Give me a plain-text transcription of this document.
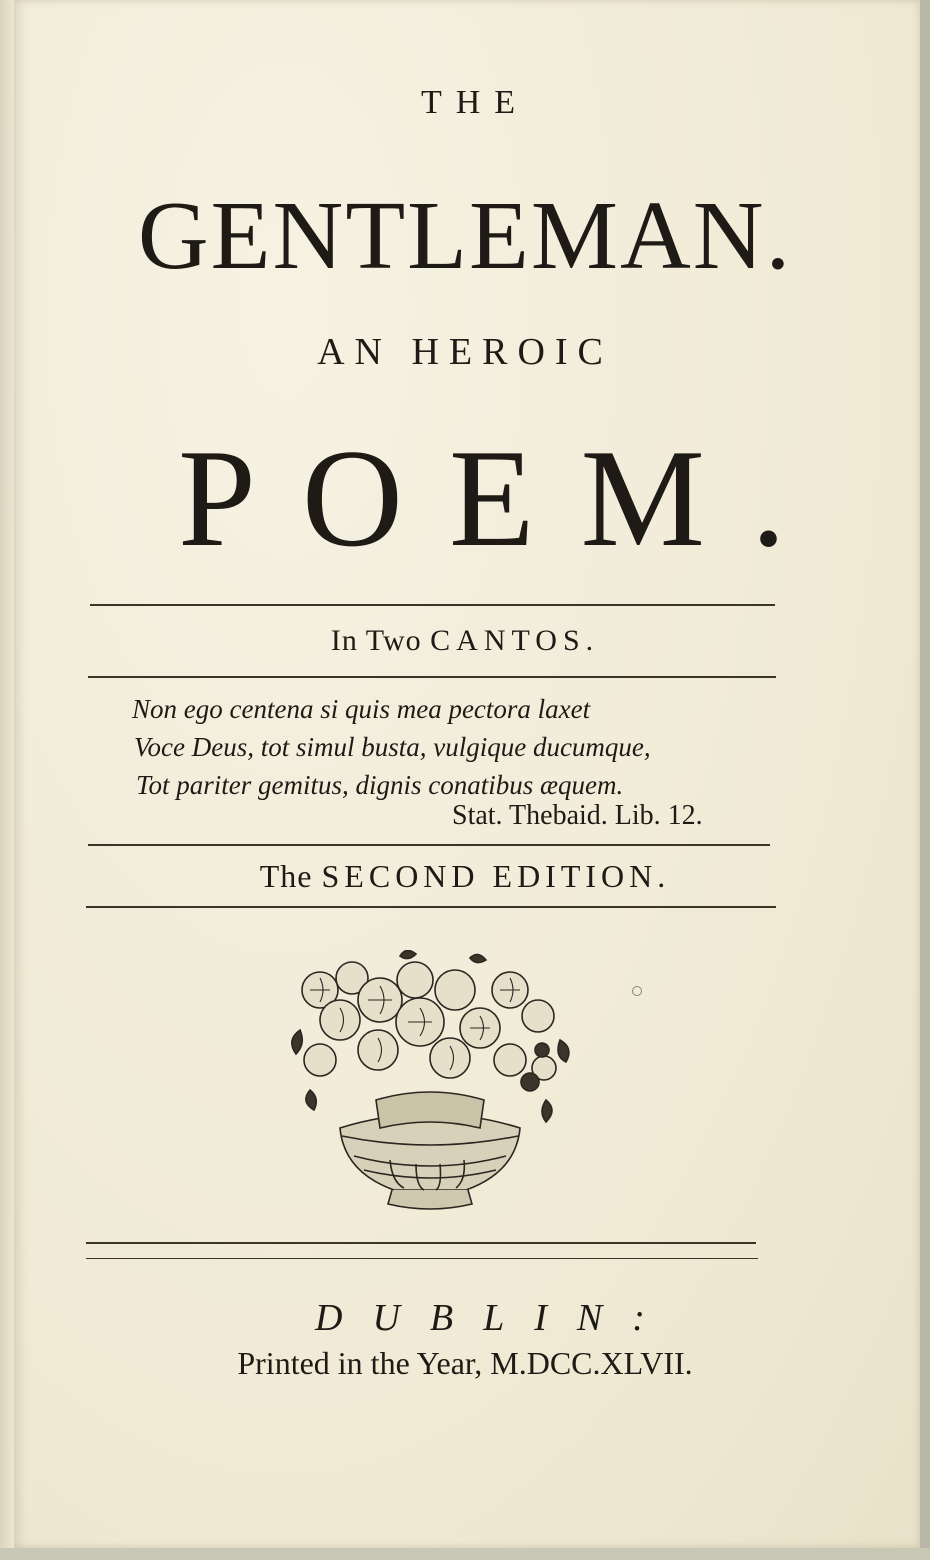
THE
GENTLEMAN.
AN HEROIC
POEM.
In Two CANTOS.
Non ego centena si quis mea pectora laxet
Voce Deus, tot simul busta, vulgique ducumque,
Tot pariter gemitus, dignis conatibus æquem.
Stat. Thebaid. Lib. 12.
The SECOND EDITION.
DUBLIN:
Printed in the Year, M.DCC.XLVII.
